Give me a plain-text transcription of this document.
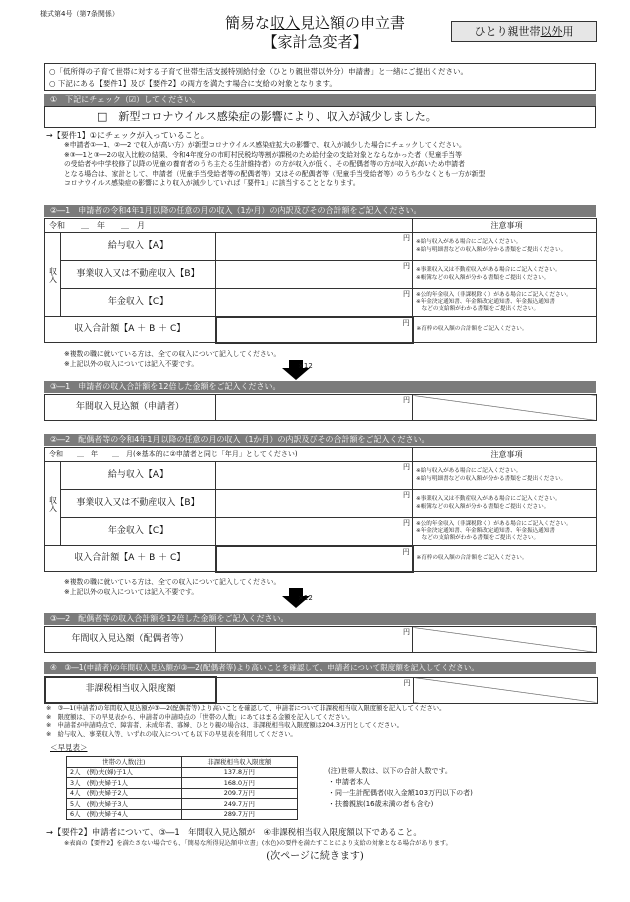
様式第4号（第7条関係）	簡易な収入見込額の申立書
【家計急変者】
ひとり親世帯以外用
○「低所得の子育て世帯に対する子育て世帯生活支援特別給付金（ひとり親世帯以外分）申請書」と一緒にご提出ください。
○ 下記にある【要件1】及び【要件2】の両方を満たす場合に支給の対象となります。
①　下記にチェック（☑）してください。
□　新型コロナウイルス感染症の影響により、収入が減少しました。
→【要件1】①にチェックが入っていること。
※申請者①―1、②―2 で収入が高い方）が新型コロナウイルス感染症拡大の影響で、収入が減少した場合にチェックしてください。
※③―1と③―2の収入比較の結果、令和4年度分の市町村民税均等割が課税のため給付金の支給対象とならなかった者（児童手当等
の受給者や中学校修了以降の児童の養育者のうち主たる生計維持者）の方が収入が低く、その配偶者等の方が収入が高いため申請者
となる場合は、家計として、申請者（児童手当受給者等の配偶者等）又はその配偶者等（児童手当受給者等）のうち少なくとも一方が新型
コロナウイルス感染症の影響により収入が減少していれば「要件1」に該当することとなります。
②―1　申請者の令和4年1月以降の任意の月の収入（1か月）の内訳及びその合計額をご記入ください。
令和　　＿　年　　＿　月			注意事項
収入	給与収入【A】	円	※給与収入がある場合にご記入ください。
※給与明細書などの収入額が分かる書類をご提出ください。

	事業収入又は不動産収入【B】	円	※事業収入又は不動産収入がある場合にご記入ください。
※帳簿などの収入額が分かる書類をご提出ください。

	年金収入【C】	円	※公的年金収入（非課税除く）がある場合にご記入ください。
※年金決定通知書、年金額改定通知書、年金振込通知書
　などの支給額がわかる書類をご提出ください。

収入合計額【A ＋ B ＋ C】		円	※育枠の収入額の合計額をご記入ください。
※複数の職に就いている方は、全ての収入について記入してください。
※上記以外の収入については記入不要です。	×12
③―1　申請者の収入合計額を12倍した金額をご記入ください。
年間収入見込額（申請者）	
円

②―2　配偶者等の令和4年1月以降の任意の月の収入（1か月）の内訳及びその合計額をご記入ください。
令和　　＿　年　　＿　月(※基本的に②申請者と同じ「年月」としてください)			注意事項
収入	給与収入【A】	円	※給与収入がある場合にご記入ください。
※給与明細書などの収入額が分かる書類をご提出ください。

	事業収入又は不動産収入【B】	円	※事業収入又は不動産収入がある場合にご記入ください。
※帳簿などの収入額が分かる書類をご提出ください。

	年金収入【C】	円	※公的年金収入（非課税除く）がある場合にご記入ください。
※年金決定通知書、年金額改定通知書、年金振込通知書
　などの支給額がわかる書類をご提出ください。

収入合計額【A ＋ B ＋ C】		円	※育枠の収入額の合計額をご記入ください。
※複数の職に就いている方は、全ての収入について記入してください。
※上記以外の収入については記入不要です。
×12
③―2　配偶者等の収入合計額を12倍した金額をご記入ください。
年間収入見込額（配偶者等）	
円

④　③―1(申請者)の年間収入見込額が③―2(配偶者等)より高いことを確認して、申請者について限度額を記入してください。
非課税相当収入限度額	
円

※　③―1(申請者)の年間収入見込額が③―2(配偶者等)より高いことを確認して、申請者について非課税相当収入限度額を記入してください。
※　限度額は、下の早見表から、申請者の申請時点の「世帯の人数」にあてはまる金額を記入してください。
※　申請者が申請時点で、障害者、未成年者、寡婦、ひとり親の場合は、非課税相当収入限度額は204.3万円としてください。
※　給与収入、事業収入等、いずれの収入についても以下の早見表を利用してください。
＜早見表＞
世帯の人数(注)	非課税相当収入限度額
2人　(例)夫(婦)子1人	137.8万円
3人　(例)夫婦子1人	168.0万円
4人　(例)夫婦子2人	209.7万円
5人　(例)夫婦子3人	249.7万円
6人　(例)夫婦子4人	289.7万円
(注)世帯人数は、以下の合計人数です。
・申請者本人
・同一生計配偶者(収入金額103万円以下の者)
・扶養親族(16歳未満の者も含む)
→【要件2】申請者について、③―1　年間収入見込額が　④非課税相当収入限度額以下であること。
※表面の【要件2】を満たさない場合でも、「簡易な所得見込額申立書」(水色)の要件を満たすことにより支給の対象となる場合があります。
(次ページに続きます)
